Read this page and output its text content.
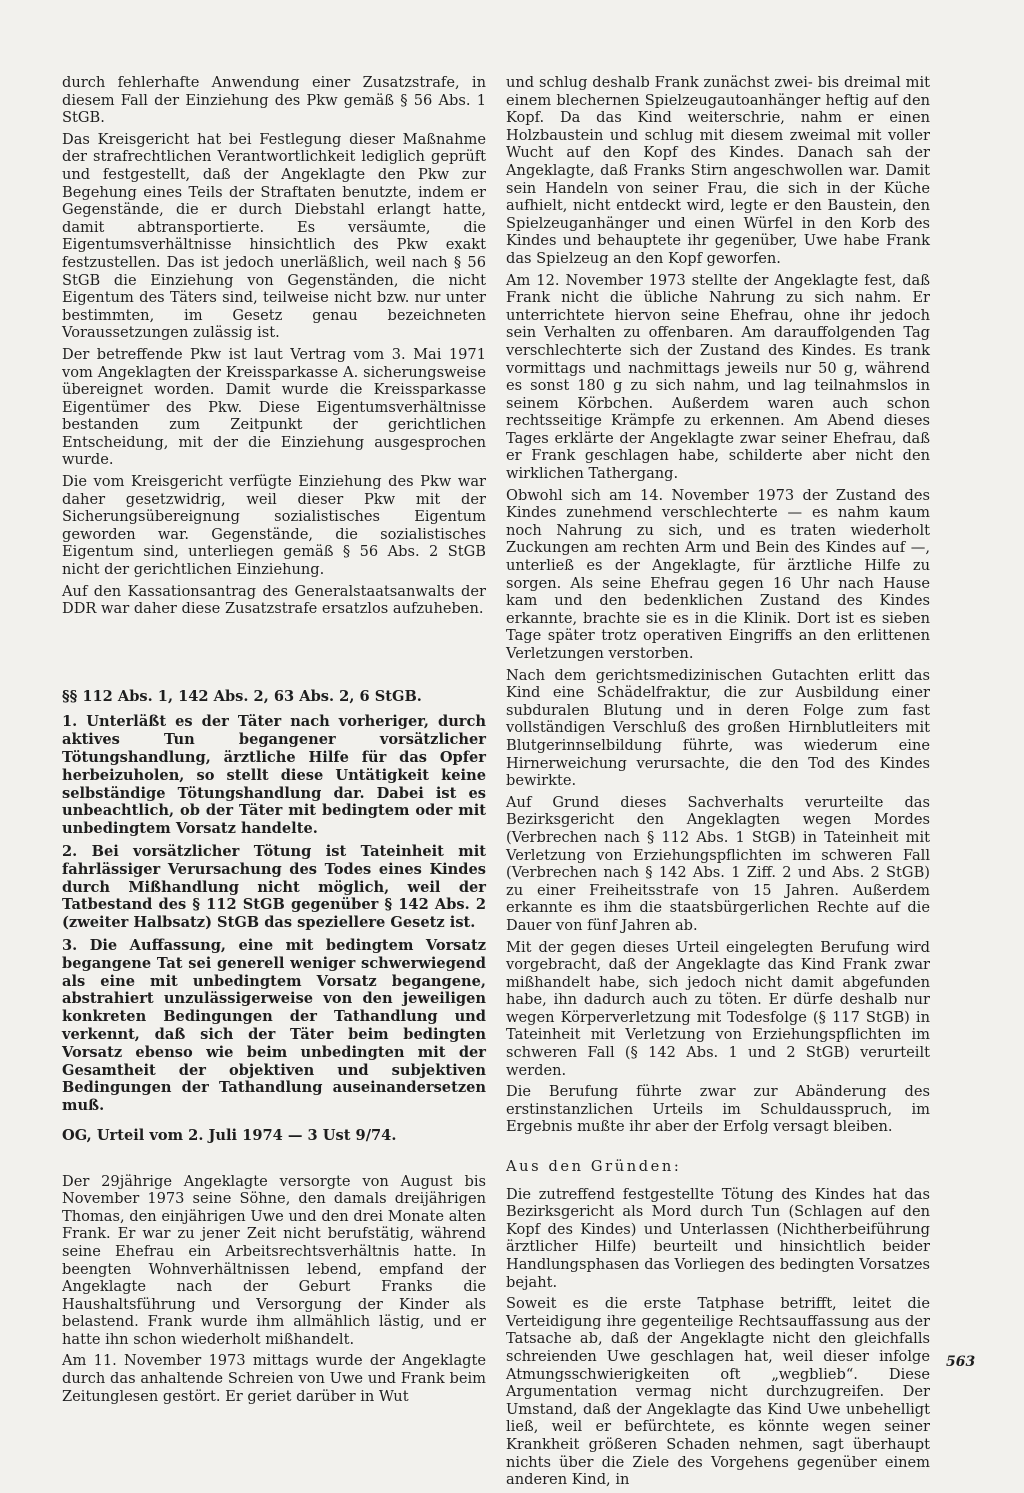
durch fehlerhafte Anwendung einer Zusatzstrafe, in diesem Fall der Einziehung des Pkw gemäß § 56 Abs. 1 StGB.

Das Kreisgericht hat bei Festlegung dieser Maßnahme der strafrechtlichen Verantwortlichkeit lediglich geprüft und festgestellt, daß der Angeklagte den Pkw zur Begehung eines Teils der Straftaten benutzte, indem er Gegenstände, die er durch Diebstahl erlangt hatte, damit abtransportierte. Es versäumte, die Eigentumsverhältnisse hinsichtlich des Pkw exakt festzustellen. Das ist jedoch unerläßlich, weil nach § 56 StGB die Einziehung von Gegenständen, die nicht Eigentum des Täters sind, teilweise nicht bzw. nur unter bestimmten, im Gesetz genau bezeichneten Voraussetzungen zulässig ist.

Der betreffende Pkw ist laut Vertrag vom 3. Mai 1971 vom Angeklagten der Kreissparkasse A. sicherungsweise übereignet worden. Damit wurde die Kreissparkasse Eigentümer des Pkw. Diese Eigentumsverhältnisse bestanden zum Zeitpunkt der gerichtlichen Entscheidung, mit der die Einziehung ausgesprochen wurde.

Die vom Kreisgericht verfügte Einziehung des Pkw war daher gesetzwidrig, weil dieser Pkw mit der Sicherungsübereignung sozialistisches Eigentum geworden war. Gegenstände, die sozialistisches Eigentum sind, unterliegen gemäß § 56 Abs. 2 StGB nicht der gerichtlichen Einziehung.

Auf den Kassationsantrag des Generalstaatsanwalts der DDR war daher diese Zusatzstrafe ersatzlos aufzuheben.

§§ 112 Abs. 1, 142 Abs. 2, 63 Abs. 2, 6 StGB.

1. Unterläßt es der Täter nach vorheriger, durch aktives Tun begangener vorsätzlicher Tötungshandlung, ärztliche Hilfe für das Opfer herbeizuholen, so stellt diese Untätigkeit keine selbständige Tötungshandlung dar. Dabei ist es unbeachtlich, ob der Täter mit bedingtem oder mit unbedingtem Vorsatz handelte.

2. Bei vorsätzlicher Tötung ist Tateinheit mit fahrlässiger Verursachung des Todes eines Kindes durch Mißhandlung nicht möglich, weil der Tatbestand des § 112 StGB gegenüber § 142 Abs. 2 (zweiter Halbsatz) StGB das speziellere Gesetz ist.

3. Die Auffassung, eine mit bedingtem Vorsatz begangene Tat sei generell weniger schwerwiegend als eine mit unbedingtem Vorsatz begangene, abstrahiert unzulässigerweise von den jeweiligen konkreten Bedingungen der Tathandlung und verkennt, daß sich der Täter beim bedingten Vorsatz ebenso wie beim unbedingten mit der Gesamtheit der objektiven und subjektiven Bedingungen der Tathandlung auseinandersetzen muß.

OG, Urteil vom 2. Juli 1974 — 3 Ust 9/74.

Der 29jährige Angeklagte versorgte von August bis November 1973 seine Söhne, den damals dreijährigen Thomas, den einjährigen Uwe und den drei Monate alten Frank. Er war zu jener Zeit nicht berufstätig, während seine Ehefrau ein Arbeitsrechtsverhältnis hatte. In beengten Wohnverhältnissen lebend, empfand der Angeklagte nach der Geburt Franks die Haushaltsführung und Versorgung der Kinder als belastend. Frank wurde ihm allmählich lästig, und er hatte ihn schon wiederholt mißhandelt.

Am 11. November 1973 mittags wurde der Angeklagte durch das anhaltende Schreien von Uwe und Frank beim Zeitunglesen gestört. Er geriet darüber in Wut

und schlug deshalb Frank zunächst zwei- bis dreimal mit einem blechernen Spielzeugautoanhänger heftig auf den Kopf. Da das Kind weiterschrie, nahm er einen Holzbaustein und schlug mit diesem zweimal mit voller Wucht auf den Kopf des Kindes. Danach sah der Angeklagte, daß Franks Stirn angeschwollen war. Damit sein Handeln von seiner Frau, die sich in der Küche aufhielt, nicht entdeckt wird, legte er den Baustein, den Spielzeuganhänger und einen Würfel in den Korb des Kindes und behauptete ihr gegenüber, Uwe habe Frank das Spielzeug an den Kopf geworfen.

Am 12. November 1973 stellte der Angeklagte fest, daß Frank nicht die übliche Nahrung zu sich nahm. Er unterrichtete hiervon seine Ehefrau, ohne ihr jedoch sein Verhalten zu offenbaren. Am darauffolgenden Tag verschlechterte sich der Zustand des Kindes. Es trank vormittags und nachmittags jeweils nur 50 g, während es sonst 180 g zu sich nahm, und lag teilnahmslos in seinem Körbchen. Außerdem waren auch schon rechtsseitige Krämpfe zu erkennen. Am Abend dieses Tages erklärte der Angeklagte zwar seiner Ehefrau, daß er Frank geschlagen habe, schilderte aber nicht den wirklichen Tathergang.

Obwohl sich am 14. November 1973 der Zustand des Kindes zunehmend verschlechterte — es nahm kaum noch Nahrung zu sich, und es traten wiederholt Zuckungen am rechten Arm und Bein des Kindes auf —, unterließ es der Angeklagte, für ärztliche Hilfe zu sorgen. Als seine Ehefrau gegen 16 Uhr nach Hause kam und den bedenklichen Zustand des Kindes erkannte, brachte sie es in die Klinik. Dort ist es sieben Tage später trotz operativen Eingriffs an den erlittenen Verletzungen verstorben.

Nach dem gerichtsmedizinischen Gutachten erlitt das Kind eine Schädelfraktur, die zur Ausbildung einer subduralen Blutung und in deren Folge zum fast vollständigen Verschluß des großen Hirnblutleiters mit Blutgerinnselbildung führte, was wiederum eine Hirnerweichung verursachte, die den Tod des Kindes bewirkte.

Auf Grund dieses Sachverhalts verurteilte das Bezirksgericht den Angeklagten wegen Mordes (Verbrechen nach § 112 Abs. 1 StGB) in Tateinheit mit Verletzung von Erziehungspflichten im schweren Fall (Verbrechen nach § 142 Abs. 1 Ziff. 2 und Abs. 2 StGB) zu einer Freiheitsstrafe von 15 Jahren. Außerdem erkannte es ihm die staatsbürgerlichen Rechte auf die Dauer von fünf Jahren ab.

Mit der gegen dieses Urteil eingelegten Berufung wird vorgebracht, daß der Angeklagte das Kind Frank zwar mißhandelt habe, sich jedoch nicht damit abgefunden habe, ihn dadurch auch zu töten. Er dürfe deshalb nur wegen Körperverletzung mit Todesfolge (§ 117 StGB) in Tateinheit mit Verletzung von Erziehungspflichten im schweren Fall (§ 142 Abs. 1 und 2 StGB) verurteilt werden.

Die Berufung führte zwar zur Abänderung des erstinstanzlichen Urteils im Schuldausspruch, im Ergebnis mußte ihr aber der Erfolg versagt bleiben.

Aus den Gründen:

Die zutreffend festgestellte Tötung des Kindes hat das Bezirksgericht als Mord durch Tun (Schlagen auf den Kopf des Kindes) und Unterlassen (Nichtherbeiführung ärztlicher Hilfe) beurteilt und hinsichtlich beider Handlungsphasen das Vorliegen des bedingten Vorsatzes bejaht.

Soweit es die erste Tatphase betrifft, leitet die Verteidigung ihre gegenteilige Rechtsauffassung aus der Tatsache ab, daß der Angeklagte nicht den gleichfalls schreienden Uwe geschlagen hat, weil dieser infolge Atmungsschwierigkeiten oft „wegblieb“. Diese Argumentation vermag nicht durchzugreifen. Der Umstand, daß der Angeklagte das Kind Uwe unbehelligt ließ, weil er befürchtete, es könnte wegen seiner Krankheit größeren Schaden nehmen, sagt überhaupt nichts über die Ziele des Vorgehens gegenüber einem anderen Kind, in

563
